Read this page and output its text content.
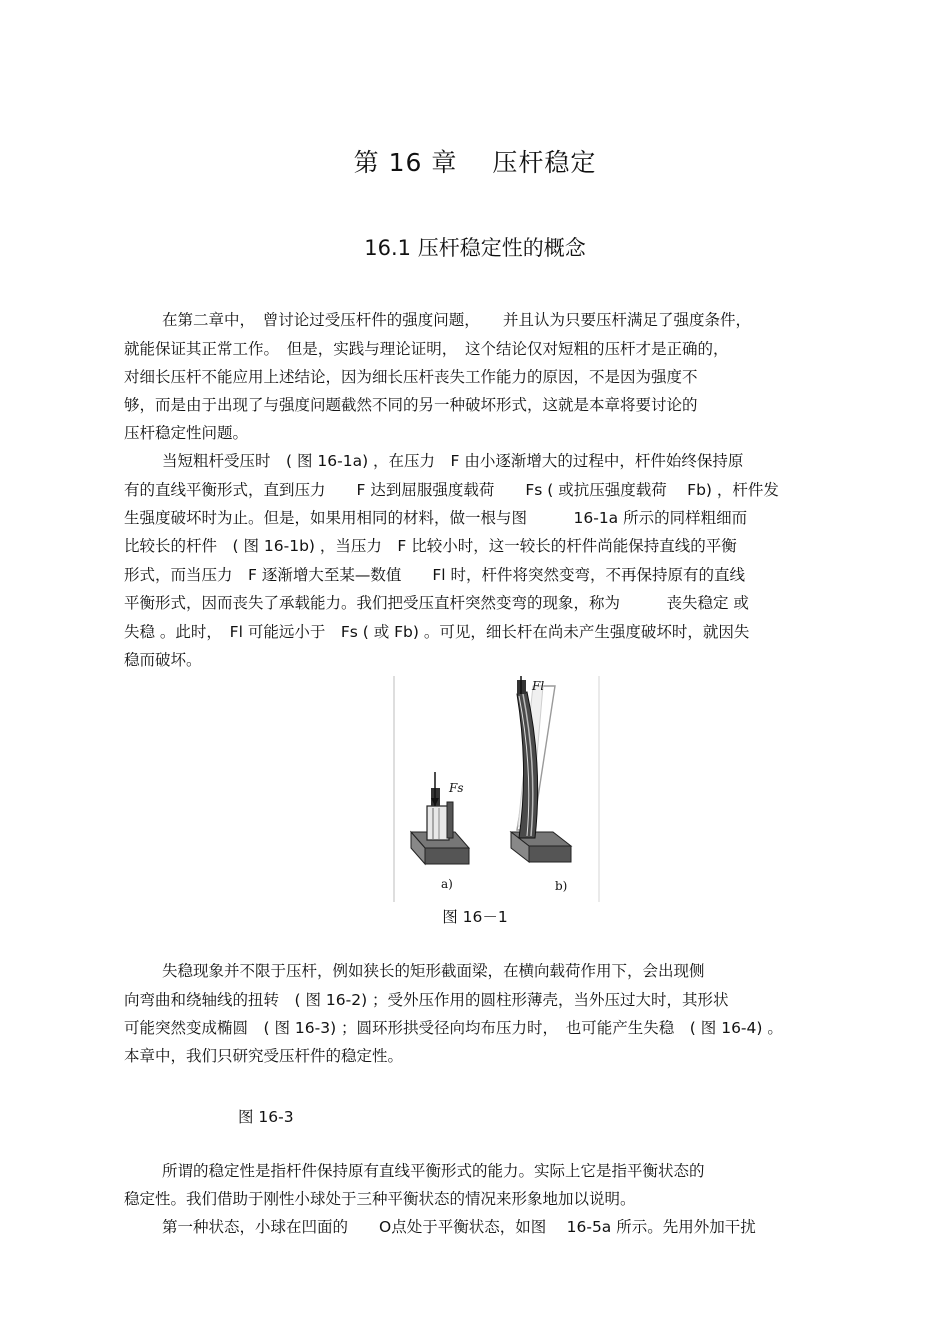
第 16 章　 压杆稳定
16.1 压杆稳定性的概念
在第二章中，　曾讨论过受压杆件的强度问题，　　并且认为只要压杆满足了强度条件，
就能保证其正常工作。　但是，实践与理论证明，　这个结论仅对短粗的压杆才是正确的，
对细长压杆不能应用上述结论，因为细长压杆丧失工作能力的原因，不是因为强度不
够，而是由于出现了与强度问题截然不同的另一种破坏形式，这就是本章将要讨论的
压杆稳定性问题。
当短粗杆受压时　( 图 16-1a) ，在压力　F 由小逐渐增大的过程中，杆件始终保持原
有的直线平衡形式，直到压力　　F 达到屈服强度载荷　　Fs ( 或抗压强度载荷　 Fb) ，杆件发
生强度破坏时为止。但是，如果用相同的材料，做一根与图　　　16-1a 所示的同样粗细而
比较长的杆件　( 图 16-1b) ，当压力　F 比较小时，这一较长的杆件尚能保持直线的平衡
形式，而当压力　F 逐渐增大至某—数值　　Fl 时，杆件将突然变弯，不再保持原有的直线
平衡形式，因而丧失了承载能力。我们把受压直杆突然变弯的现象，称为　　　丧失稳定 或
失稳 。此时，　Fl 可能远小于　Fs ( 或 Fb) 。可见，细长杆在尚未产生强度破坏时，就因失
稳而破坏。
Fs
a)
Fl
b)
图 16－1
失稳现象并不限于压杆，例如狭长的矩形截面梁，在横向载荷作用下，会出现侧
向弯曲和绕轴线的扭转　( 图 16-2) ；受外压作用的圆柱形薄壳，当外压过大时，其形状
可能突然变成椭圆　( 图 16-3) ；圆环形拱受径向均布压力时，　也可能产生失稳　( 图 16-4) 。
本章中，我们只研究受压杆件的稳定性。
图 16-3
所谓的稳定性是指杆件保持原有直线平衡形式的能力。实际上它是指平衡状态的
稳定性。我们借助于刚性小球处于三种平衡状态的情况来形象地加以说明。
第一种状态，小球在凹面的　　O点处于平衡状态，如图　 16-5a 所示。先用外加干扰
